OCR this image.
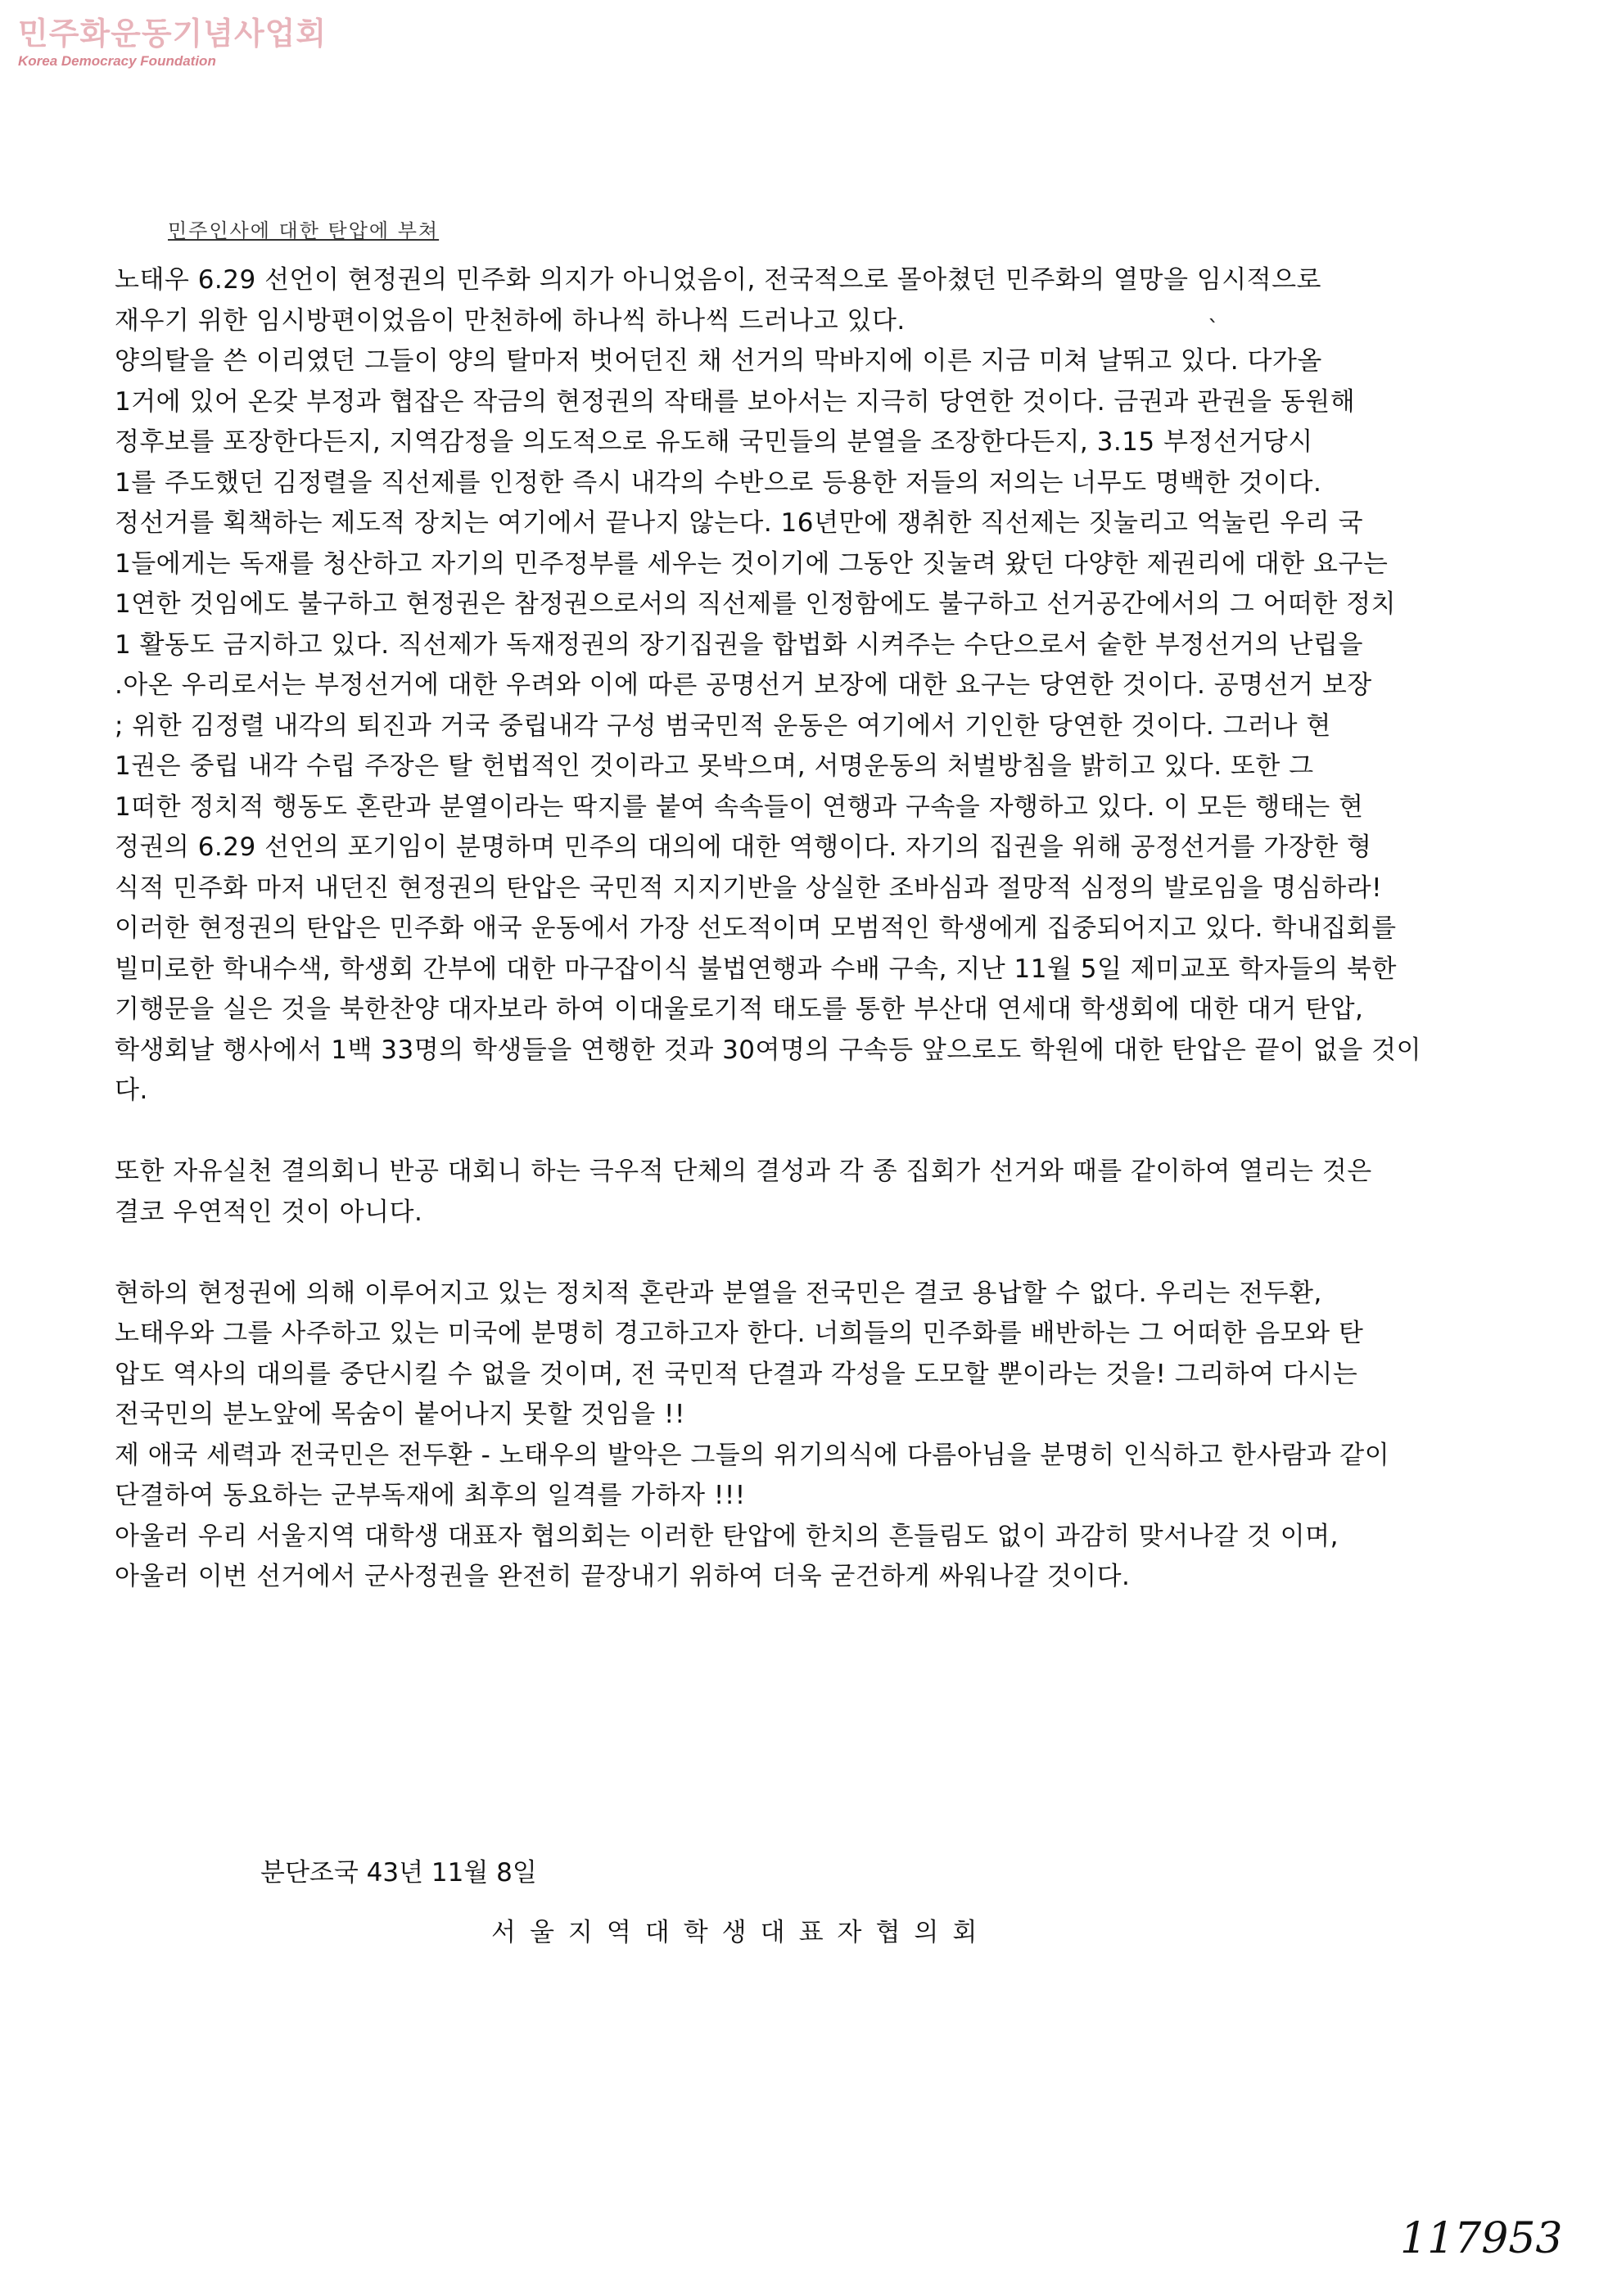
민주화운동기념사업회
Korea Democracy Foundation
민주인사에 대한 탄압에 부쳐
ˋ
노태우 6.29 선언이 현정권의 민주화 의지가 아니었음이, 전국적으로 몰아쳤던 민주화의 열망을 임시적으로
재우기 위한 임시방편이었음이 만천하에 하나씩 하나씩 드러나고 있다.
양의탈을 쓴 이리였던 그들이 양의 탈마저 벗어던진 채 선거의 막바지에 이른 지금 미쳐 날뛰고 있다. 다가올
1거에 있어 온갖 부정과 협잡은 작금의 현정권의 작태를 보아서는 지극히 당연한 것이다. 금권과 관권을 동원해
정후보를 포장한다든지, 지역감정을 의도적으로 유도해 국민들의 분열을 조장한다든지, 3.15 부정선거당시
1를 주도했던 김정렬을 직선제를 인정한 즉시 내각의 수반으로 등용한 저들의 저의는 너무도 명백한 것이다.
정선거를 획책하는 제도적 장치는 여기에서 끝나지 않는다. 16년만에 쟁취한 직선제는 짓눌리고 억눌린 우리 국
1들에게는 독재를 청산하고 자기의 민주정부를 세우는 것이기에 그동안 짓눌려 왔던 다양한 제권리에 대한 요구는
1연한 것임에도 불구하고 현정권은 참정권으로서의 직선제를 인정함에도 불구하고 선거공간에서의 그 어떠한 정치
1 활동도 금지하고 있다. 직선제가 독재정권의 장기집권을 합법화 시켜주는 수단으로서 숱한 부정선거의 난립을
.아온 우리로서는 부정선거에 대한 우려와 이에 따른 공명선거 보장에 대한 요구는 당연한 것이다. 공명선거 보장
; 위한 김정렬 내각의 퇴진과 거국 중립내각 구성 범국민적 운동은 여기에서 기인한 당연한 것이다. 그러나 현
1권은 중립 내각 수립 주장은 탈 헌법적인 것이라고 못박으며, 서명운동의 처벌방침을 밝히고 있다. 또한 그
1떠한 정치적 행동도 혼란과 분열이라는 딱지를 붙여 속속들이 연행과 구속을 자행하고 있다. 이 모든 행태는 현
정권의 6.29 선언의 포기임이 분명하며 민주의 대의에 대한 역행이다. 자기의 집권을 위해 공정선거를 가장한 형
식적 민주화 마저 내던진 현정권의 탄압은 국민적 지지기반을 상실한 조바심과 절망적 심정의 발로임을 명심하라!
이러한 현정권의 탄압은 민주화 애국 운동에서 가장 선도적이며 모범적인 학생에게 집중되어지고 있다. 학내집회를
빌미로한 학내수색, 학생회 간부에 대한 마구잡이식 불법연행과 수배 구속, 지난 11월 5일 제미교포 학자들의 북한
기행문을 실은 것을 북한찬양 대자보라 하여 이대울로기적 태도를 통한 부산대 연세대 학생회에 대한 대거 탄압,
학생회날 행사에서 1백 33명의 학생들을 연행한 것과 30여명의 구속등 앞으로도 학원에 대한 탄압은 끝이 없을 것이
다.
또한 자유실천 결의회니 반공 대회니 하는 극우적 단체의 결성과 각 종 집회가 선거와 때를 같이하여 열리는 것은
결코 우연적인 것이 아니다.
현하의 현정권에 의해 이루어지고 있는 정치적 혼란과 분열을 전국민은 결코 용납할 수 없다. 우리는 전두환,
노태우와 그를 사주하고 있는 미국에 분명히 경고하고자 한다. 너희들의 민주화를 배반하는 그 어떠한 음모와 탄
압도 역사의 대의를 중단시킬 수 없을 것이며, 전 국민적 단결과 각성을 도모할 뿐이라는 것을! 그리하여 다시는
전국민의 분노앞에 목숨이 붙어나지 못할 것임을 !!
제 애국 세력과 전국민은 전두환 - 노태우의 발악은 그들의 위기의식에 다름아님을 분명히 인식하고 한사람과 같이
단결하여 동요하는 군부독재에 최후의 일격를 가하자 !!!
아울러 우리 서울지역 대학생 대표자 협의회는 이러한 탄압에 한치의 흔들림도 없이 과감히 맞서나갈 것 이며,
아울러 이번 선거에서 군사정권을 완전히 끝장내기 위하여 더욱 굳건하게 싸워나갈 것이다.
분단조국 43년 11월 8일
서울지역대학생대표자협의회
117953
